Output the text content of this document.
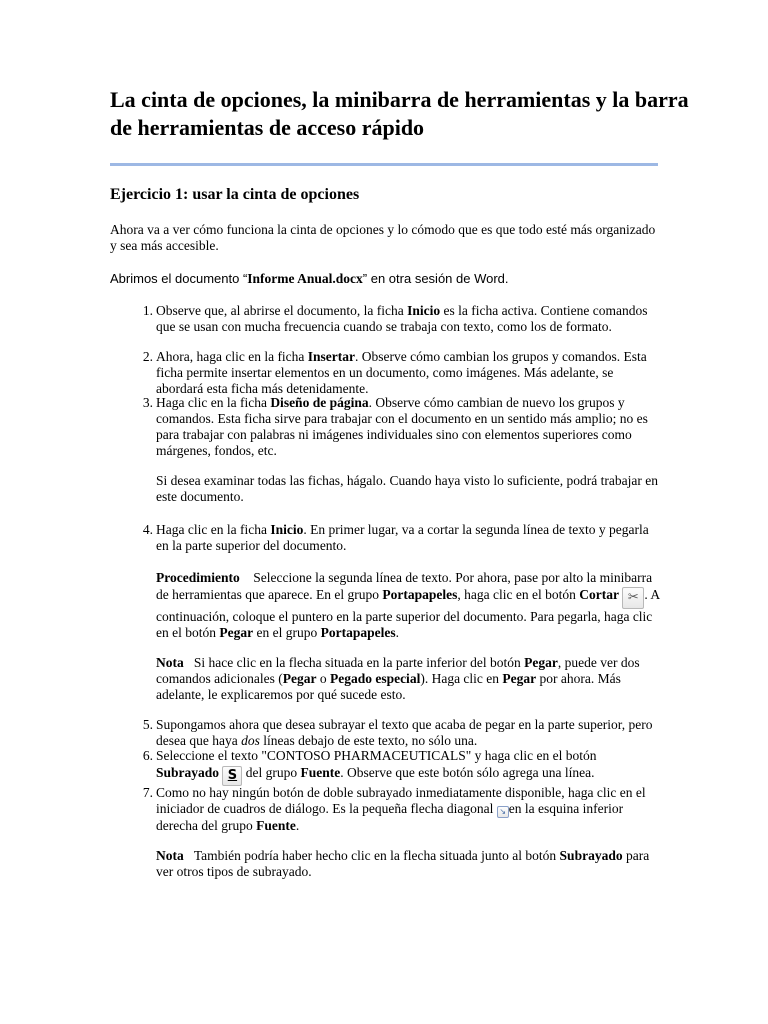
La cinta de opciones, la minibarra de herramientas y la barra de herramientas de acceso rápido
Ejercicio 1: usar la cinta de opciones

Ahora va a ver cómo funciona la cinta de opciones y lo cómodo que es que todo esté más organizado y sea más accesible.

Abrimos el documento “Informe Anual.docx” en otra sesión de Word.

1. Observe que, al abrirse el documento, la ficha Inicio es la ficha activa. Contiene comandos que se usan con mucha frecuencia cuando se trabaja con texto, como los de formato.
2. Ahora, haga clic en la ficha Insertar. Observe cómo cambian los grupos y comandos. Esta ficha permite insertar elementos en un documento, como imágenes. Más adelante, se abordará esta ficha más detenidamente.
3. Haga clic en la ficha Diseño de página. Observe cómo cambian de nuevo los grupos y comandos. Esta ficha sirve para trabajar con el documento en un sentido más amplio; no es para trabajar con palabras ni imágenes individuales sino con elementos superiores como márgenes, fondos, etc.

Si desea examinar todas las fichas, hágalo. Cuando haya visto lo suficiente, podrá trabajar en este documento.

4. Haga clic en la ficha Inicio. En primer lugar, va a cortar la segunda línea de texto y pegarla en la parte superior del documento.

Procedimiento Seleccione la segunda línea de texto. Por ahora, pase por alto la minibarra de herramientas que aparece. En el grupo Portapapeles, haga clic en el botón Cortar ✂ . A continuación, coloque el puntero en la parte superior del documento. Para pegarla, haga clic en el botón Pegar en el grupo Portapapeles.

Nota Si hace clic en la flecha situada en la parte inferior del botón Pegar, puede ver dos comandos adicionales (Pegar o Pegado especial). Haga clic en Pegar por ahora. Más adelante, le explicaremos por qué sucede esto.

5. Supongamos ahora que desea subrayar el texto que acaba de pegar en la parte superior, pero desea que haya dos líneas debajo de este texto, no sólo una.
6. Seleccione el texto "CONTOSO PHARMACEUTICALS" y haga clic en el botón Subrayado S del grupo Fuente. Observe que este botón sólo agrega una línea.
7. Como no hay ningún botón de doble subrayado inmediatamente disponible, haga clic en el iniciador de cuadros de diálogo. Es la pequeña flecha diagonal ↘ en la esquina inferior derecha del grupo Fuente.

Nota También podría haber hecho clic en la flecha situada junto al botón Subrayado para ver otros tipos de subrayado.
